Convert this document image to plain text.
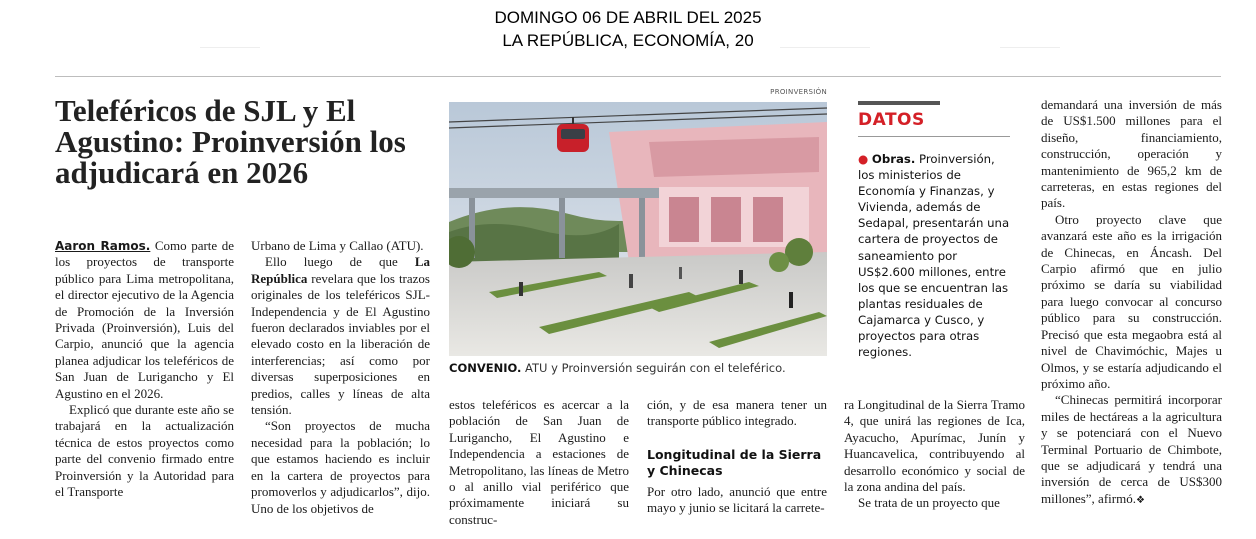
DOMINGO 06 DE ABRIL DEL 2025
LA REPÚBLICA, ECONOMÍA, 20
Teleféricos de SJL y El Agustino: Proinversión los adjudicará en 2026

Aaron Ramos. Como parte de los proyectos de transporte público para Lima metropolitana, el director ejecutivo de la Agencia de Promoción de la Inversión Privada (Proinversión), Luis del Carpio, anunció que la agencia planea adjudicar los teleféricos de San Juan de Lurigancho y El Agustino en el 2026.

Explicó que durante este año se trabajará en la actualización técnica de estos proyectos como parte del convenio firmado entre Proinversión y la Autoridad para el Transporte

Urbano de Lima y Callao (ATU).

Ello luego de que La República revelara que los trazos originales de los teleféricos SJL-Independencia y de El Agustino fueron declarados inviables por el elevado costo en la liberación de interferencias; así como por diversas superposiciones en predios, calles y líneas de alta tensión.

“Son proyectos de mucha necesidad para la población; lo que estamos haciendo es incluir en la cartera de proyectos para promoverlos y adjudicarlos”, dijo. Uno de los objetivos de

PROINVERSIÓN
CONVENIO. ATU y Proinversión seguirán con el teleférico.

estos teleféricos es acercar a la población de San Juan de Lurigancho, El Agustino e Independencia a estaciones de Metropolitano, las líneas de Metro o al anillo vial periférico que próximamente iniciará su construc-

ción, y de esa manera tener un transporte público integrado.

Longitudinal de la Sierra y Chinecas

Por otro lado, anunció que entre mayo y junio se licitará la carrete-

DATOS
● Obras. Proinversión, los ministerios de Economía y Finanzas, y Vivienda, además de Sedapal, presentarán una cartera de proyectos de saneamiento por US$2.600 millones, entre los que se encuentran las plantas residuales de Cajamarca y Cusco, y proyectos para otras regiones.

ra Longitudinal de la Sierra Tramo 4, que unirá las regiones de Ica, Ayacucho, Apurímac, Junín y Huancavelica, contribuyendo al desarrollo económico y social de la zona andina del país.

Se trata de un proyecto que

demandará una inversión de más de US$1.500 millones para el diseño, financiamiento, construcción, operación y mantenimiento de 965,2 km de carreteras, en estas regiones del país.

Otro proyecto clave que avanzará este año es la irrigación de Chinecas, en Áncash. Del Carpio afirmó que en julio próximo se daría su viabilidad para luego convocar al concurso público para su construcción. Precisó que esta megaobra está al nivel de Chavimóchic, Majes u Olmos, y se estaría adjudicando el próximo año.

“Chinecas permitirá incorporar miles de hectáreas a la agricultura y se potenciará con el Nuevo Terminal Portuario de Chimbote, que se adjudicará y tendrá una inversión de cerca de US$300 millones”, afirmó.❖
